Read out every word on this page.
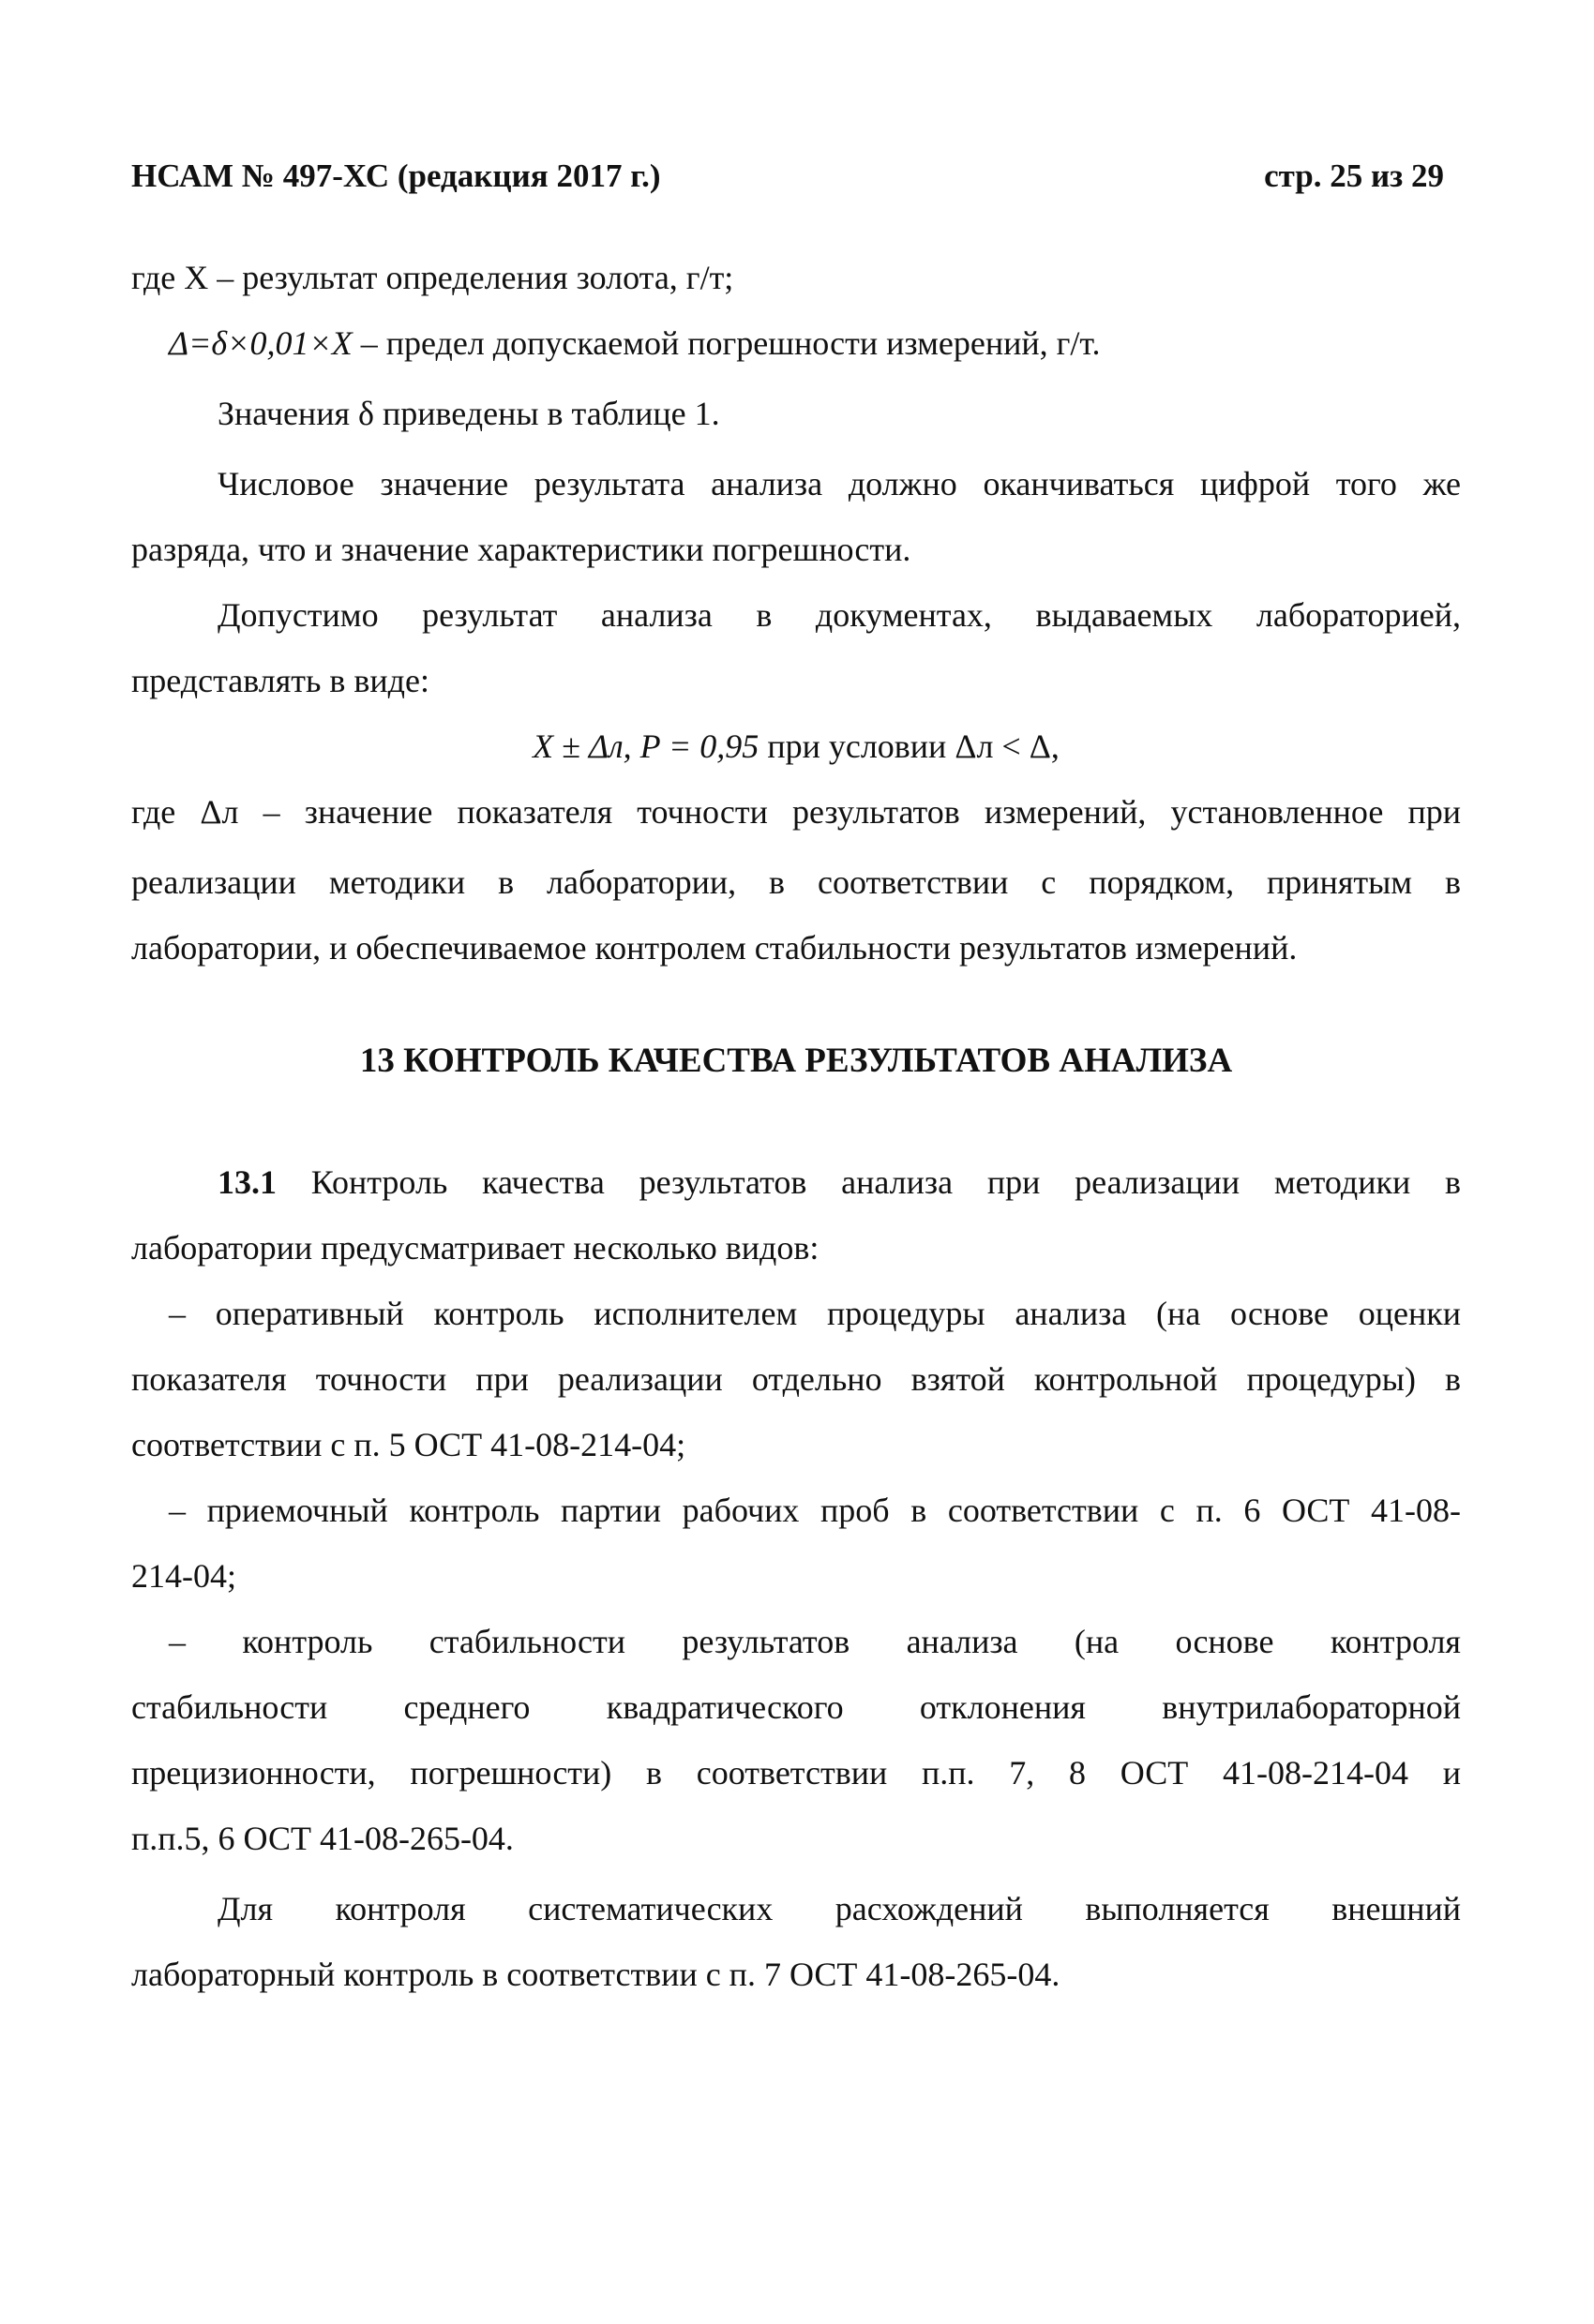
НСАМ № 497-ХС (редакция 2017 г.)	стр. 25 из 29
где X – результат определения золота, г/т;
Δ=δ×0,01×X – предел допускаемой погрешности измерений, г/т.
Значения δ приведены в таблице 1.
Числовое значение результата анализа должно оканчиваться цифрой того же
разряда, что и значение характеристики погрешности.
Допустимо результат анализа в документах, выдаваемых лабораторией,
представлять в виде:
X ± Δл, P = 0,95 при условии Δл < Δ,
где Δл – значение показателя точности результатов измерений, установленное при
реализации методики в лаборатории, в соответствии с порядком, принятым в
лаборатории, и обеспечиваемое контролем стабильности результатов измерений.
13 КОНТРОЛЬ КАЧЕСТВА РЕЗУЛЬТАТОВ АНАЛИЗА
13.1 Контроль качества результатов анализа при реализации методики в
лаборатории предусматривает несколько видов:
– оперативный контроль исполнителем процедуры анализа (на основе оценки
показателя точности при реализации отдельно взятой контрольной процедуры) в
соответствии с п. 5 ОСТ 41-08-214-04;
– приемочный контроль партии рабочих проб в соответствии с п. 6 ОСТ 41-08-
214-04;
– контроль стабильности результатов анализа (на основе контроля
стабильности среднего квадратического отклонения внутрилабораторной
прецизионности, погрешности) в соответствии п.п. 7, 8 ОСТ 41-08-214-04 и
п.п.5, 6 ОСТ 41-08-265-04.
Для контроля систематических расхождений выполняется внешний
лабораторный контроль в соответствии с п. 7 ОСТ 41-08-265-04.
